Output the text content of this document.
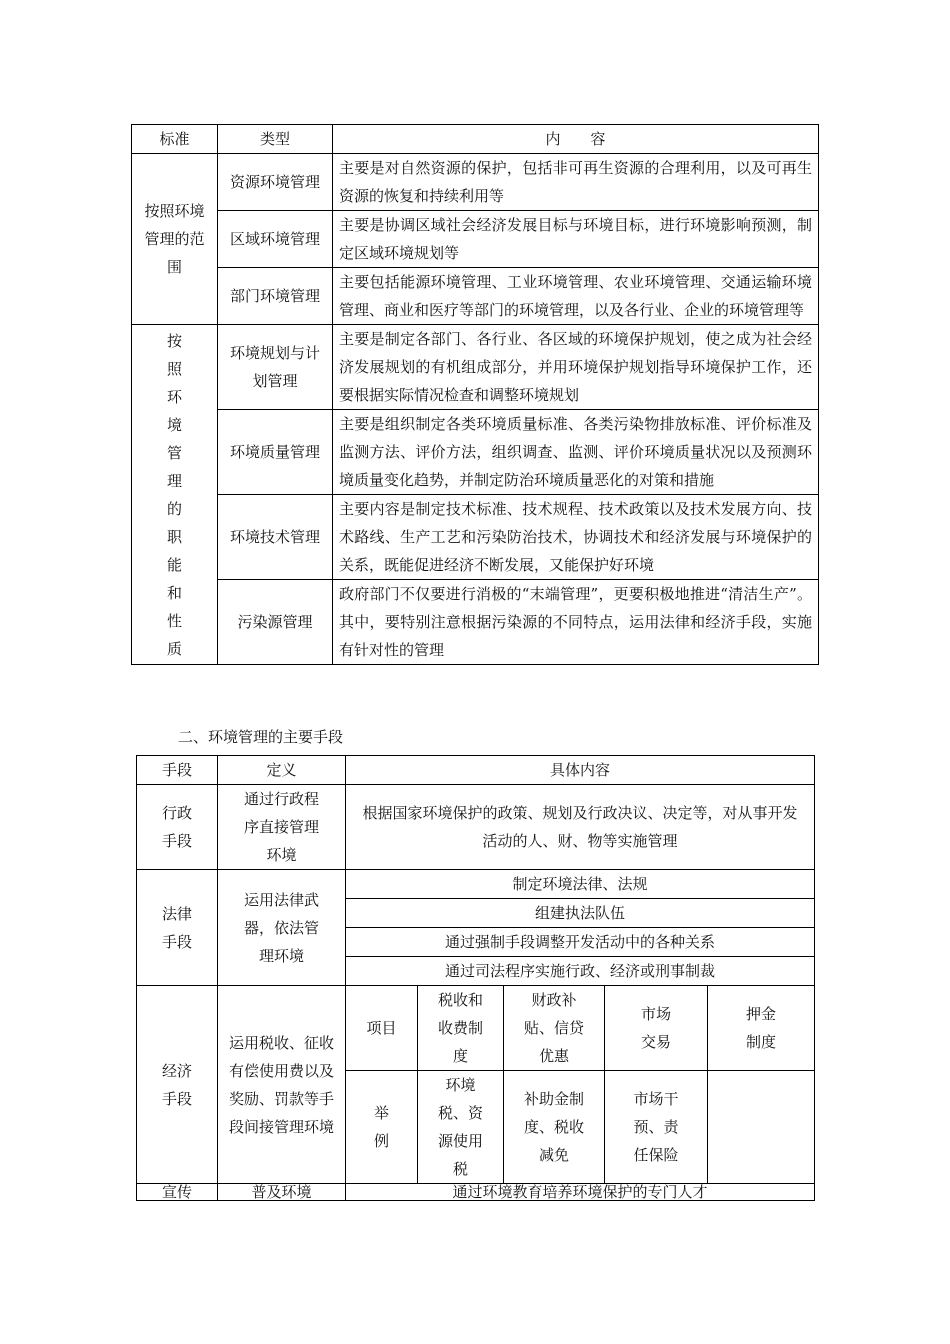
标准	类型	内　　容
按照环境管理的范围	资源环境管理	主要是对自然资源的保护，包括非可再生资源的合理利用，以及可再生资源的恢复和持续利用等
	区域环境管理	主要是协调区域社会经济发展目标与环境目标，进行环境影响预测，制定区域环境规划等
	部门环境管理	主要包括能源环境管理、工业环境管理、农业环境管理、交通运输环境管理、商业和医疗等部门的环境管理，以及各行业、企业的环境管理等

按照环境管理的职能和性质	环境规划与计划管理	主要是制定各部门、各行业、各区域的环境保护规划，使之成为社会经济发展规划的有机组成部分，并用环境保护规划指导环境保护工作，还要根据实际情况检查和调整环境规划
	环境质量管理	主要是组织制定各类环境质量标准、各类污染物排放标准、评价标准及监测方法、评价方法，组织调查、监测、评价环境质量状况以及预测环境质量变化趋势，并制定防治环境质量恶化的对策和措施
	环境技术管理	主要内容是制定技术标准、技术规程、技术政策以及技术发展方向、技术路线、生产工艺和污染防治技术，协调技术和经济发展与环境保护的关系，既能促进经济不断发展，又能保护好环境
	污染源管理	政府部门不仅要进行消极的“末端管理”，更要积极地推进“清洁生产”。其中，要特别注意根据污染源的不同特点，运用法律和经济手段，实施有针对性的管理
二、环境管理的主要手段
手段	定义	具体内容				

行政手段	通过行政程序直接管理环境	根据国家环境保护的政策、规划及行政决议、决定等，对从事开发活动的人、财、物等实施管理				

法律手段	运用法律武器，依法管理环境	制定环境法律、法规				
		组建执法队伍				
		通过强制手段调整开发活动中的各种关系				
		通过司法程序实施行政、经济或刑事制裁				

经济手段	运用税收、征收有偿使用费以及奖励、罚款等手段间接管理环境	项目	税收和收费制度	财政补贴、信贷优惠	市场交易	押金制度

		举例	环境税、资源使用税	补助金制度、税收减免	市场干预、责任保险	

宣传	普及环境	通过环境教育培养环境保护的专门人才				
